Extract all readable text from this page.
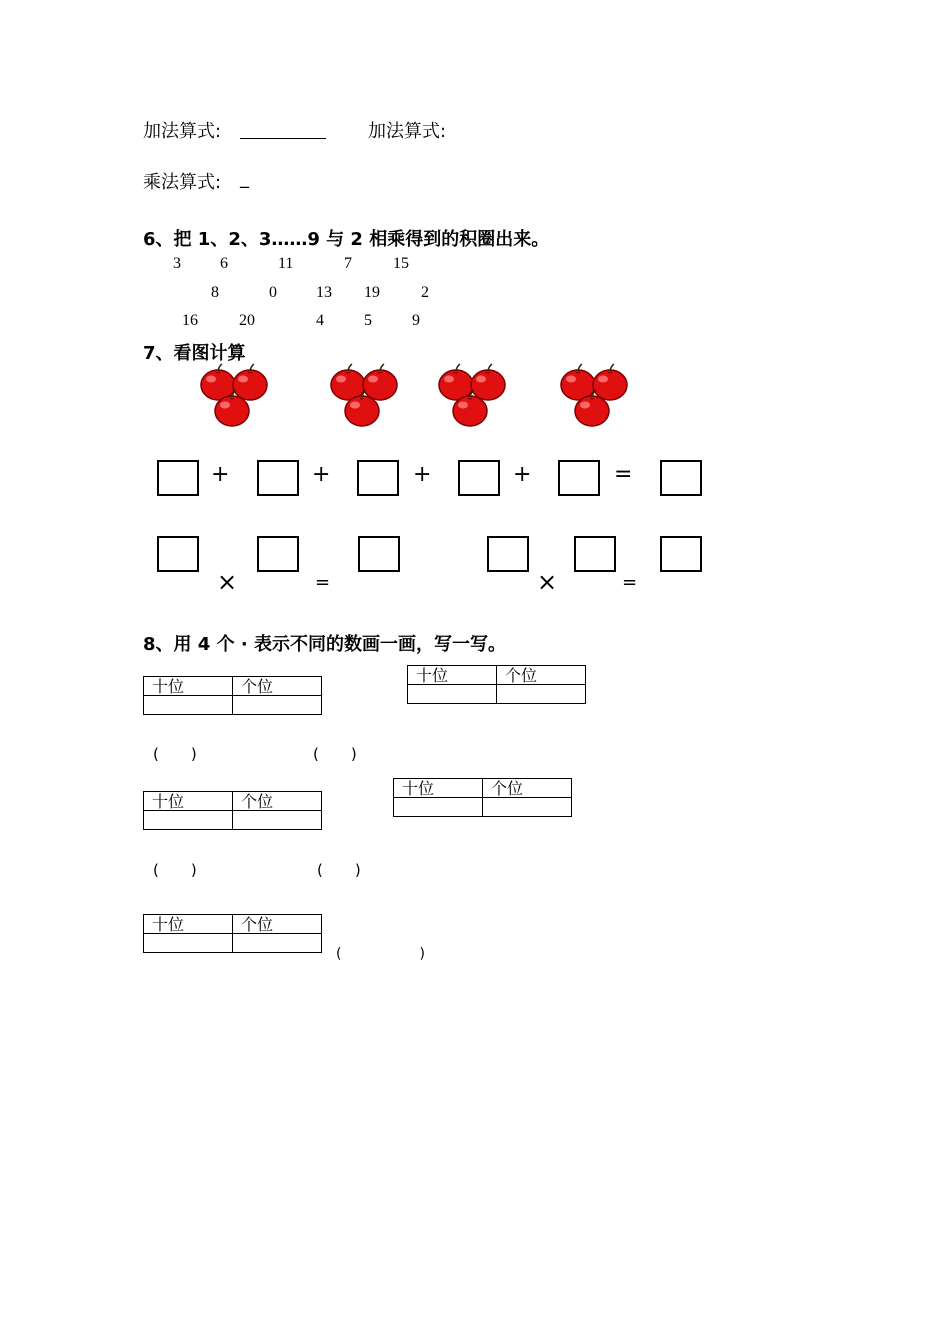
加法算式:	加法算式:
乘法算式: _
6、把 1、2、3……9 与 2 相乘得到的积圈出来。
3 6	11	7	15
8	0 13 19	2
16	20	4	5	9
7、看图计算
+	+	+	+	=
×	=	×	=
8、用 4 个 · 表示不同的数画一画，写一写。
十位	个位

十位	个位

( )	( )
十位	个位

十位	个位

( )	( )
十位	个位

(	)
